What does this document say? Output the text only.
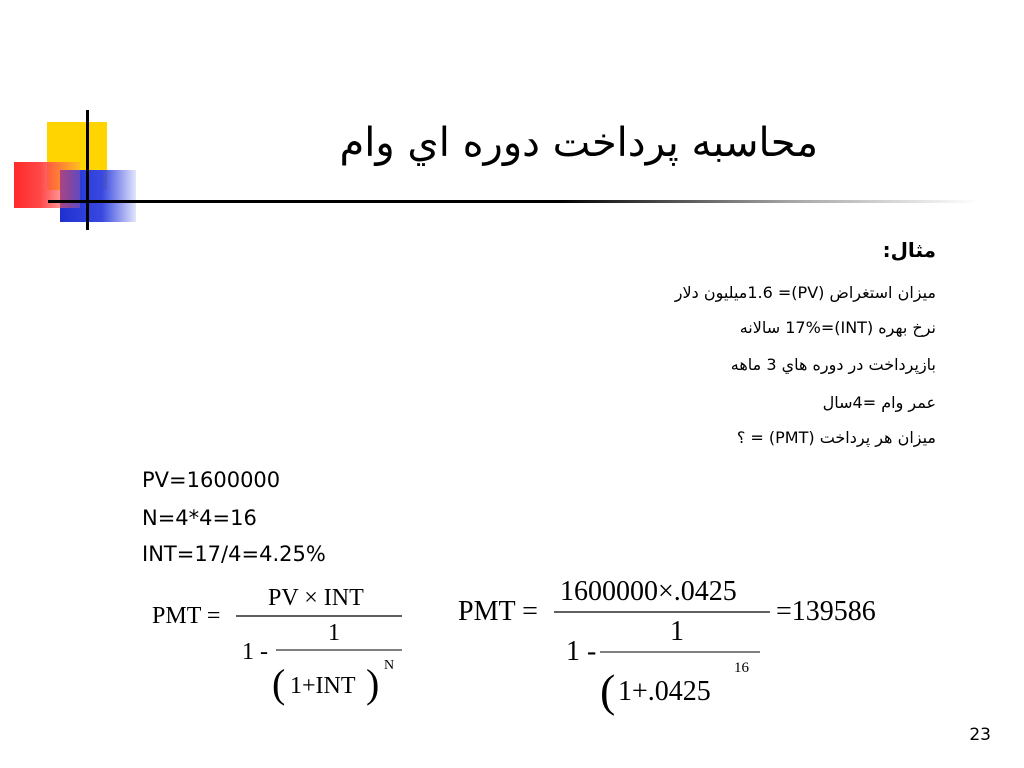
محاسبه پرداخت دوره اي وام
مثال:
ميزان استغراض (PV)= 1.6ميليون دلار
نرخ بهره (INT)=17% سالانه
بازپرداخت در دوره هاي 3 ماهه
عمر وام =4سال
ميزان هر پرداخت (PMT) = ؟
PV=1600000
N=4*4=16
INT=17/4=4.25%
PMT =
PV × INT
1 -
1
( 1+INT ) N
PMT =
1600000×.0425
=139586
1 -
1
( 1+.0425
16
23
